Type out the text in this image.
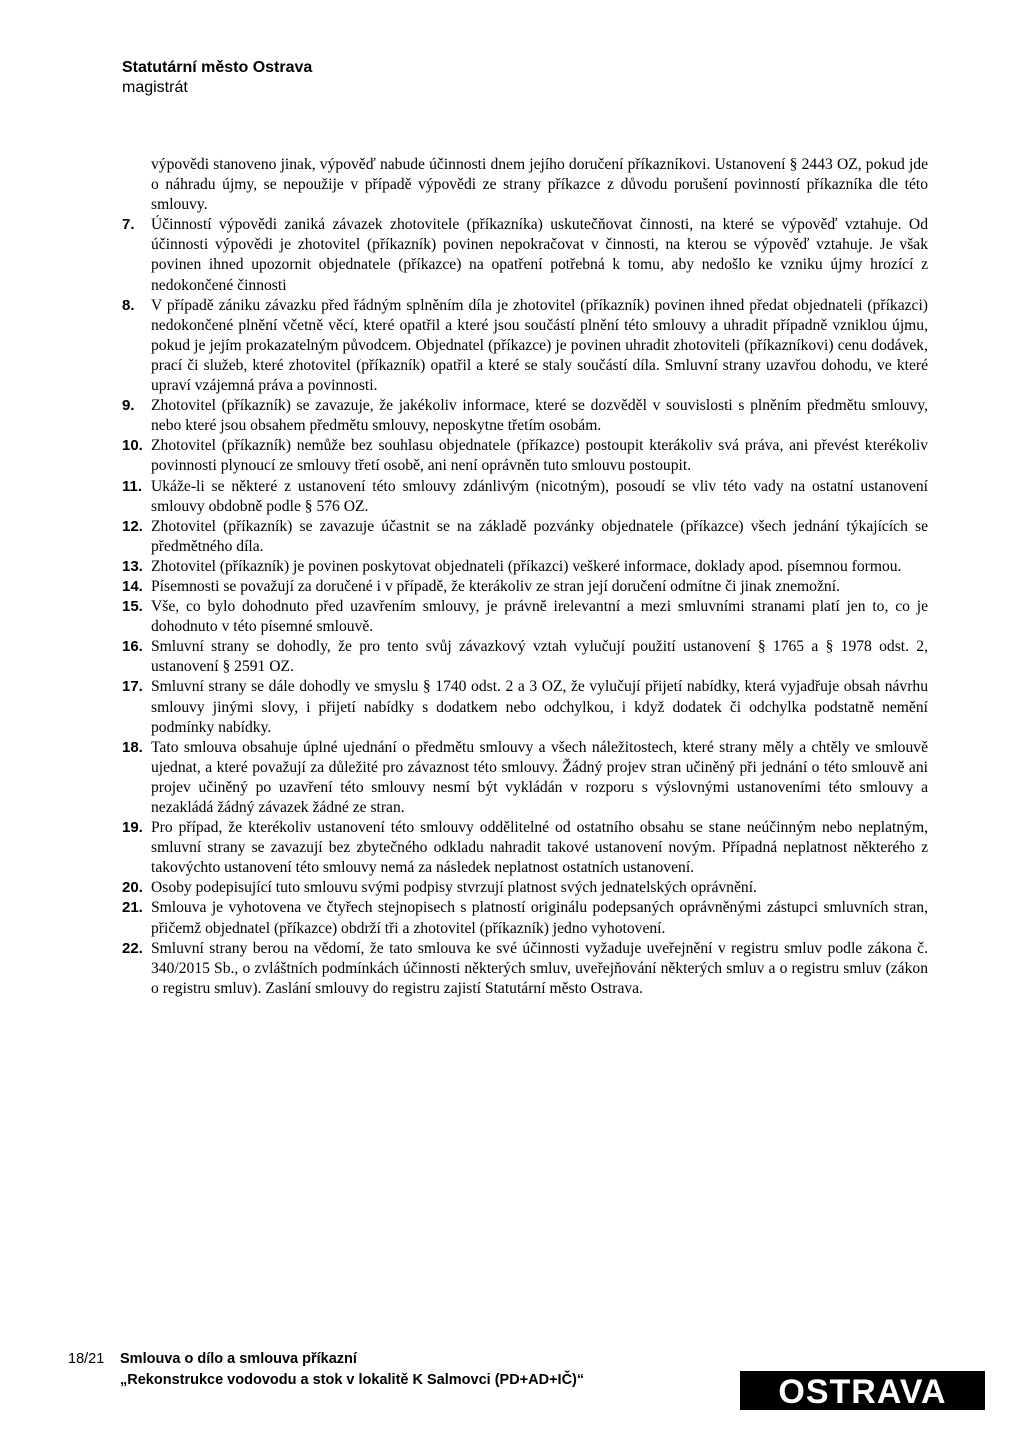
Statutární město Ostrava
magistrát

výpovědi stanoveno jinak, výpověď nabude účinnosti dnem jejího doručení příkazníkovi. Ustanovení § 2443 OZ, pokud jde o náhradu újmy, se nepoužije v případě výpovědi ze strany příkazce z důvodu porušení povinností příkazníka dle této smlouvy.

7.	Účinností výpovědi zaniká závazek zhotovitele (příkazníka) uskutečňovat činnosti, na které se výpověď vztahuje. Od účinnosti výpovědi je zhotovitel (příkazník) povinen nepokračovat v činnosti, na kterou se výpověď vztahuje. Je však povinen ihned upozornit objednatele (příkazce) na opatření potřebná k tomu, aby nedošlo ke vzniku újmy hrozící z nedokončené činnosti
8.	V případě zániku závazku před řádným splněním díla je zhotovitel (příkazník) povinen ihned předat objednateli (příkazci) nedokončené plnění včetně věcí, které opatřil a které jsou součástí plnění této smlouvy a uhradit případně vzniklou újmu, pokud je jejím prokazatelným původcem. Objednatel (příkazce) je povinen uhradit zhotoviteli (příkazníkovi) cenu dodávek, prací či služeb, které zhotovitel (příkazník) opatřil a které se staly součástí díla. Smluvní strany uzavřou dohodu, ve které upraví vzájemná práva a povinnosti.
9.	Zhotovitel (příkazník) se zavazuje, že jakékoliv informace, které se dozvěděl v souvislosti s plněním předmětu smlouvy, nebo které jsou obsahem předmětu smlouvy, neposkytne třetím osobám.
10. Zhotovitel (příkazník) nemůže bez souhlasu objednatele (příkazce) postoupit kterákoliv svá práva, ani převést kterékoliv povinnosti plynoucí ze smlouvy třetí osobě, ani není oprávněn tuto smlouvu postoupit.
11. Ukáže-li se některé z ustanovení této smlouvy zdánlivým (nicotným), posoudí se vliv této vady na ostatní ustanovení smlouvy obdobně podle § 576 OZ.
12. Zhotovitel (příkazník) se zavazuje účastnit se na základě pozvánky objednatele (příkazce) všech jednání týkajících se předmětného díla.
13. Zhotovitel (příkazník) je povinen poskytovat objednateli (příkazci) veškeré informace, doklady apod. písemnou formou.
14. Písemnosti se považují za doručené i v případě, že kterákoliv ze stran její doručení odmítne či jinak znemožní.
15. Vše, co bylo dohodnuto před uzavřením smlouvy, je právně irelevantní a mezi smluvními stranami platí jen to, co je dohodnuto v této písemné smlouvě.
16. Smluvní strany se dohodly, že pro tento svůj závazkový vztah vylučují použití ustanovení § 1765 a § 1978 odst. 2, ustanovení § 2591 OZ.
17. Smluvní strany se dále dohodly ve smyslu § 1740 odst. 2 a 3 OZ, že vylučují přijetí nabídky, která vyjadřuje obsah návrhu smlouvy jinými slovy, i přijetí nabídky s dodatkem nebo odchylkou, i když dodatek či odchylka podstatně nemění podmínky nabídky.
18. Tato smlouva obsahuje úplné ujednání o předmětu smlouvy a všech náležitostech, které strany měly a chtěly ve smlouvě ujednat, a které považují za důležité pro závaznost této smlouvy. Žádný projev stran učiněný při jednání o této smlouvě ani projev učiněný po uzavření této smlouvy nesmí být vykládán v rozporu s výslovnými ustanoveními této smlouvy a nezakládá žádný závazek žádné ze stran.
19. Pro případ, že kterékoliv ustanovení této smlouvy oddělitelné od ostatního obsahu se stane neúčinným nebo neplatným, smluvní strany se zavazují bez zbytečného odkladu nahradit takové ustanovení novým. Případná neplatnost některého z takovýchto ustanovení této smlouvy nemá za následek neplatnost ostatních ustanovení.
20. Osoby podepisující tuto smlouvu svými podpisy stvrzují platnost svých jednatelských oprávnění.
21. Smlouva je vyhotovena ve čtyřech stejnopisech s platností originálu podepsaných oprávněnými zástupci smluvních stran, přičemž objednatel (příkazce) obdrží tři a zhotovitel (příkazník) jedno vyhotovení.
22. Smluvní strany berou na vědomí, že tato smlouva ke své účinnosti vyžaduje uveřejnění v registru smluv podle zákona č. 340/2015 Sb., o zvláštních podmínkách účinnosti některých smluv, uveřejňování některých smluv a o registru smluv (zákon o registru smluv). Zaslání smlouvy do registru zajistí Statutární město Ostrava.
18/21 Smlouva o dílo a smlouva příkazní
„Rekonstrukce vodovodu a stok v lokalitě K Salmovci (PD+AD+IČ)“	OSTRAVA
